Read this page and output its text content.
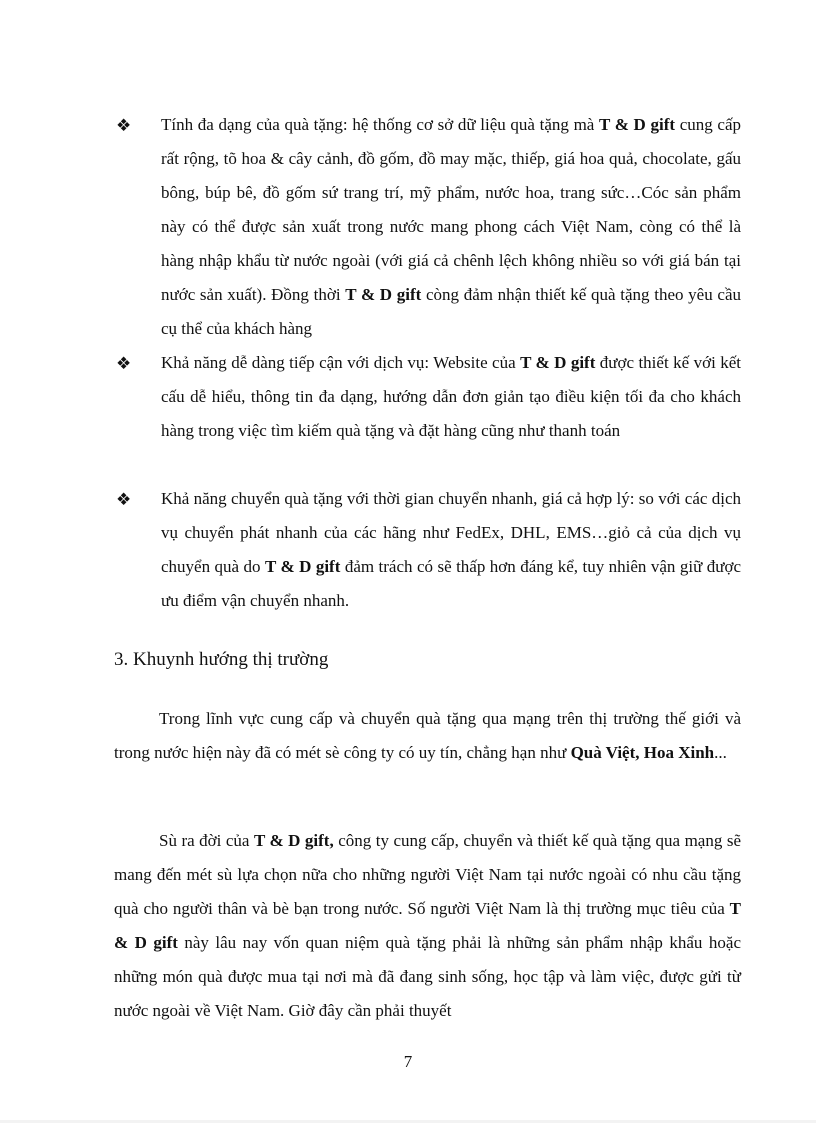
❖ Tính đa dạng của quà tặng: hệ thống cơ sở dữ liệu quà tặng mà T & D gift cung cấp rất rộng, tõ hoa & cây cảnh, đồ gốm, đồ may mặc, thiếp, giá hoa quả, chocolate, gấu bông, búp bê, đồ gốm sứ trang trí, mỹ phẩm, nước hoa, trang sức…Cóc sản phẩm này có thể được sản xuất trong nước mang phong cách Việt Nam, còng có thể là hàng nhập khẩu từ nước ngoài (với giá cả chênh lệch không nhiều so với giá bán tại nước sản xuất). Đồng thời T & D gift còng đảm nhận thiết kế quà tặng theo yêu cầu cụ thể của khách hàng
❖ Khả năng dễ dàng tiếp cận với dịch vụ: Website của T & D gift được thiết kế với kết cấu dễ hiểu, thông tin đa dạng, hướng dẫn đơn giản tạo điều kiện tối đa cho khách hàng trong việc tìm kiếm quà tặng và đặt hàng cũng như thanh toán
❖ Khả năng chuyển quà tặng với thời gian chuyển nhanh, giá cả hợp lý: so với các dịch vụ chuyển phát nhanh của các hãng như FedEx, DHL, EMS…giỏ cả của dịch vụ chuyển quà do T & D gift đảm trách có sẽ thấp hơn đáng kể, tuy nhiên vận giữ được ưu điểm vận chuyển nhanh.
3. Khuynh hướng thị trường
Trong lĩnh vực cung cấp và chuyển quà tặng qua mạng trên thị trường thế giới và trong nước hiện này đã có mét sè công ty có uy tín, chẳng hạn như Quà Việt, Hoa Xinh...
Sù ra đời của T & D gift, công ty cung cấp, chuyển và thiết kế quà tặng qua mạng sẽ mang đến mét sù lựa chọn nữa cho những người Việt Nam tại nước ngoài có nhu cầu tặng quà cho người thân và bè bạn trong nước. Số người Việt Nam là thị trường mục tiêu của T & D gift này lâu nay vốn quan niệm quà tặng phải là những sản phẩm nhập khẩu hoặc những món quà được mua tại nơi mà đã đang sinh sống, học tập và làm việc, được gửi từ nước ngoài về Việt Nam. Giờ đây cần phải thuyết
7
